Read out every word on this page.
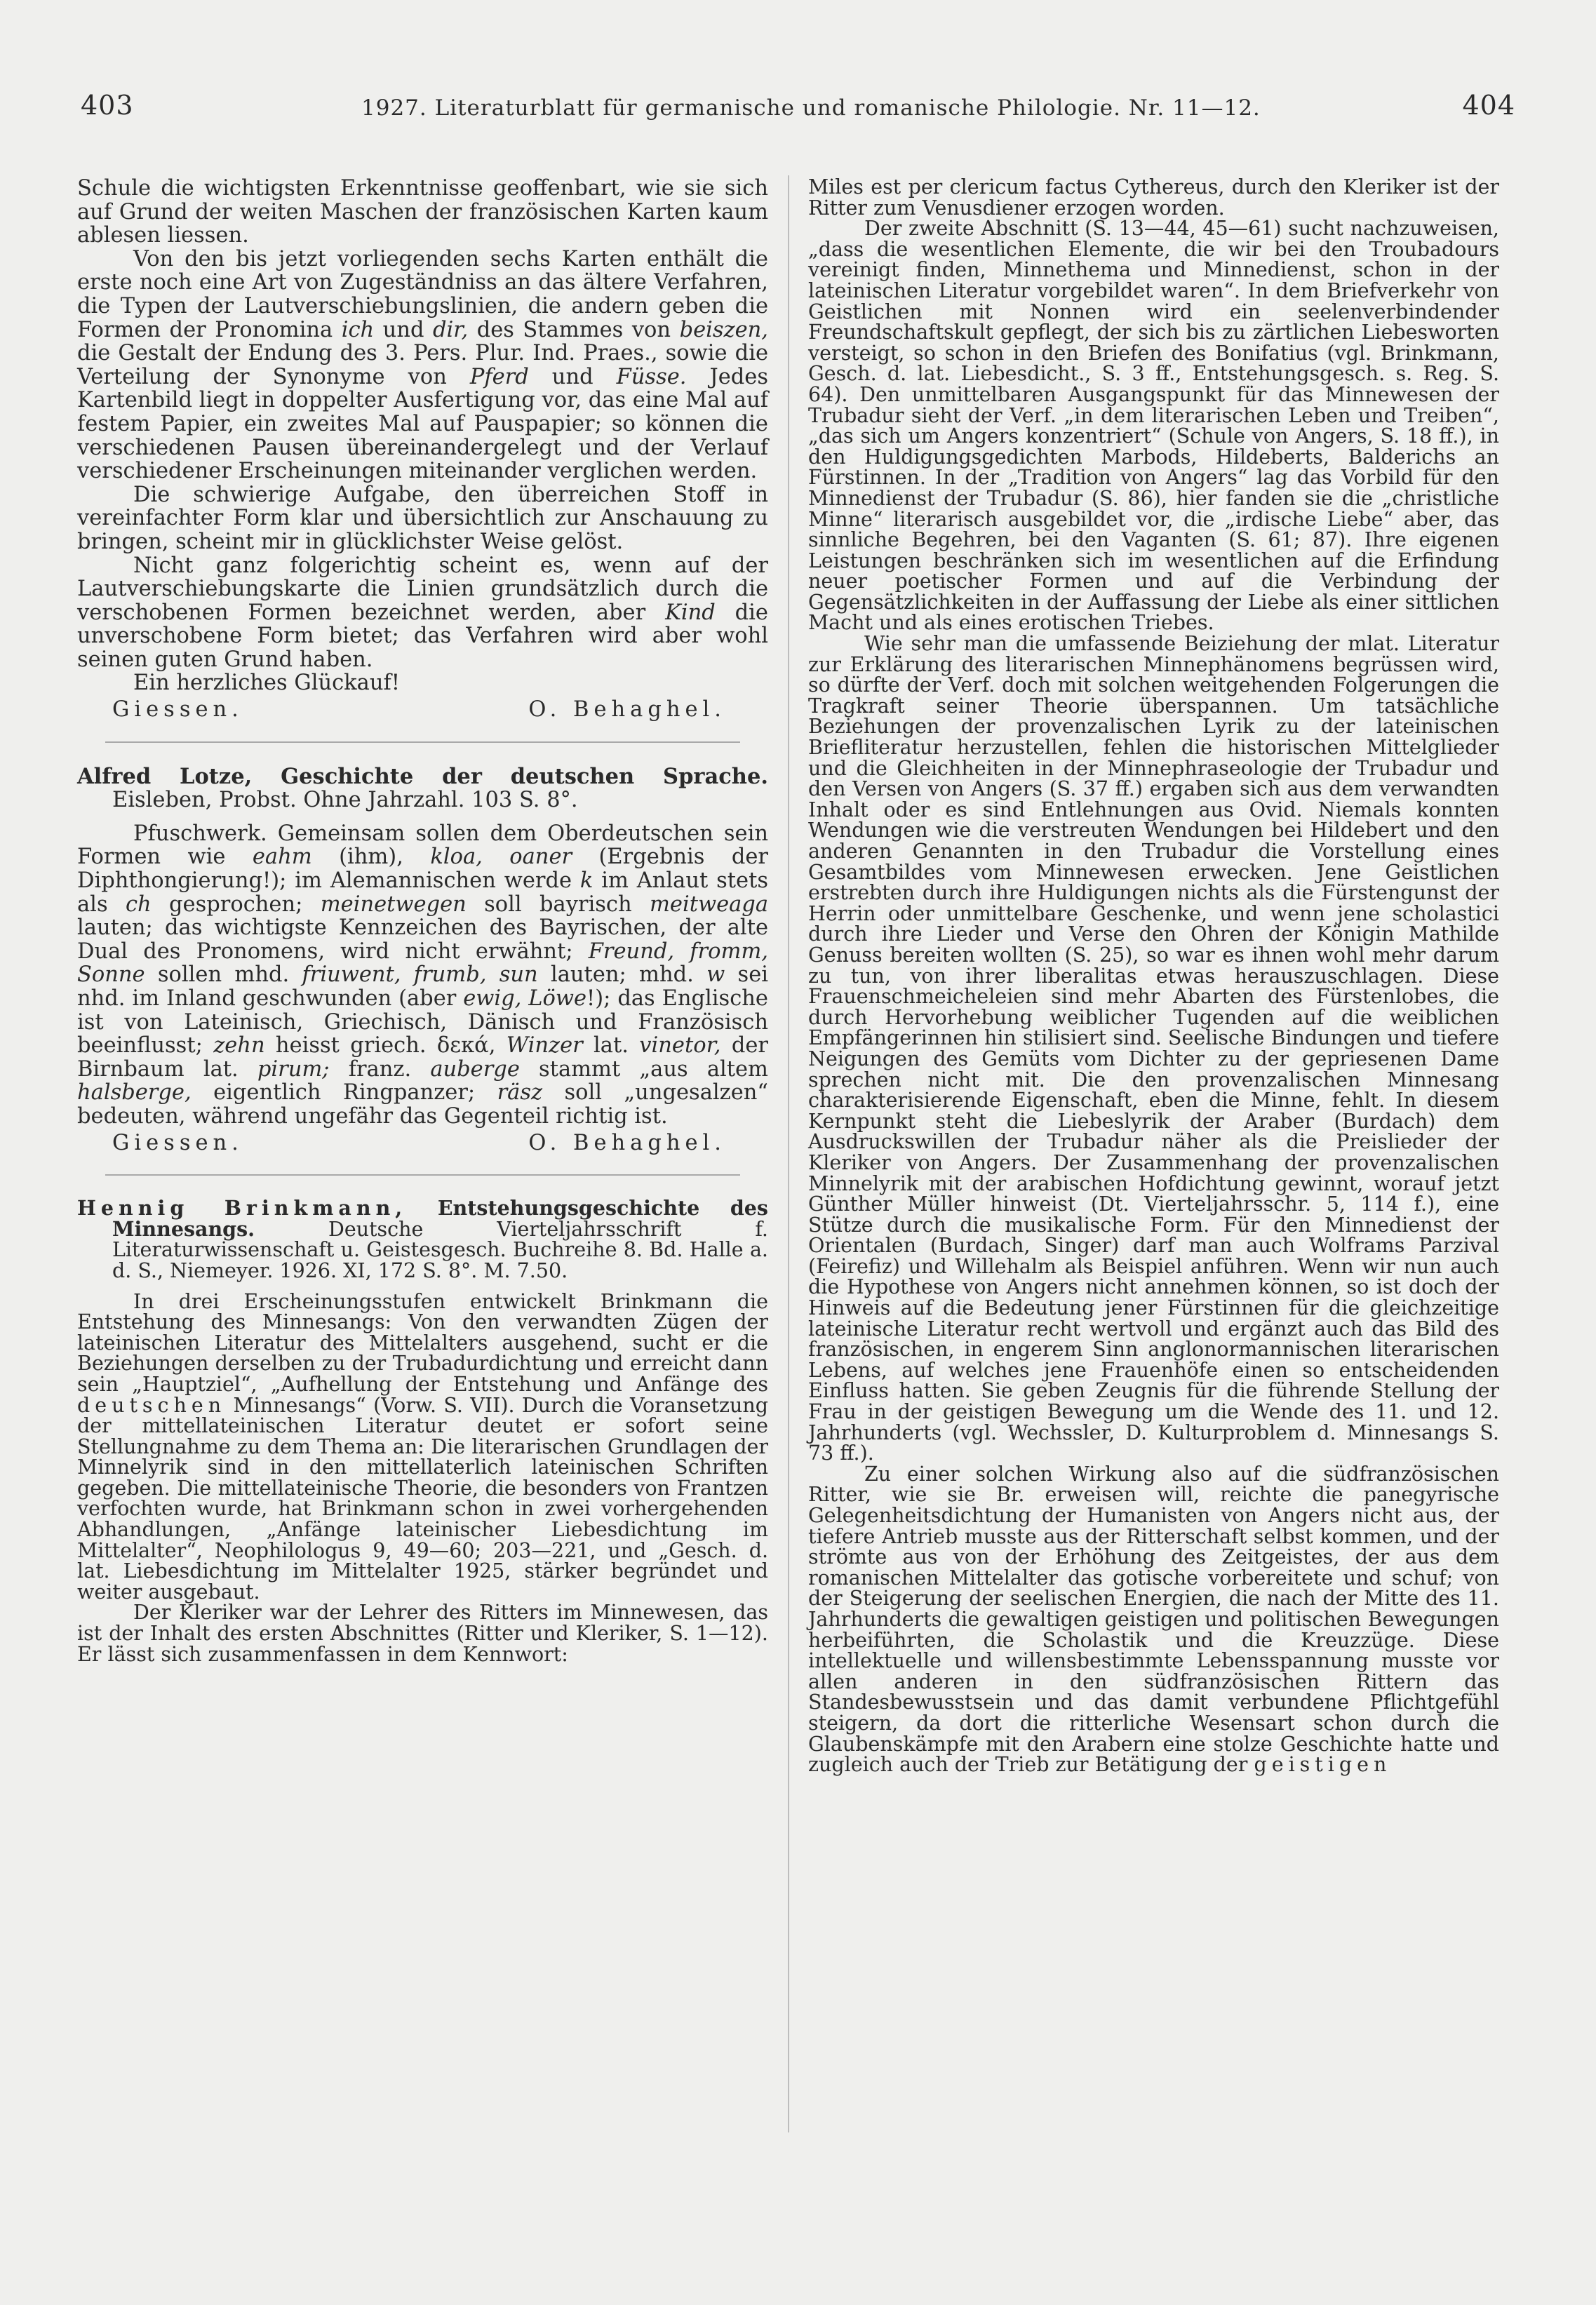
403	1927. Literaturblatt für germanische und romanische Philologie. Nr. 11—12.	404

Schule die wichtigsten Erkenntnisse geoffenbart, wie sie sich auf Grund der weiten Maschen der französischen Karten kaum ablesen liessen.

Von den bis jetzt vorliegenden sechs Karten enthält die erste noch eine Art von Zugeständniss an das ältere Verfahren, die Typen der Lautverschiebungslinien, die andern geben die Formen der Pronomina ich und dir, des Stammes von beiszen, die Gestalt der Endung des 3. Pers. Plur. Ind. Praes., sowie die Verteilung der Synonyme von Pferd und Füsse. Jedes Kartenbild liegt in doppelter Ausfertigung vor, das eine Mal auf festem Papier, ein zweites Mal auf Pauspapier; so können die verschiedenen Pausen übereinandergelegt und der Verlauf verschiedener Erscheinungen miteinander verglichen werden.

Die schwierige Aufgabe, den überreichen Stoff in vereinfachter Form klar und übersichtlich zur Anschauung zu bringen, scheint mir in glücklichster Weise gelöst.

Nicht ganz folgerichtig scheint es, wenn auf der Lautverschiebungskarte die Linien grundsätzlich durch die verschobenen Formen bezeichnet werden, aber Kind die unverschobene Form bietet; das Verfahren wird aber wohl seinen guten Grund haben.

Ein herzliches Glückauf!

Giessen.	O. Behaghel.

Alfred Lotze, Geschichte der deutschen Sprache. Eisleben, Probst. Ohne Jahrzahl. 103 S. 8°.

Pfuschwerk. Gemeinsam sollen dem Oberdeutschen sein Formen wie eahm (ihm), kloa, oaner (Ergebnis der Diphthongierung!); im Alemannischen werde k im Anlaut stets als ch gesprochen; meinetwegen soll bayrisch meitweaga lauten; das wichtigste Kennzeichen des Bayrischen, der alte Dual des Pronomens, wird nicht erwähnt; Freund, fromm, Sonne sollen mhd. friuwent, frumb, sun lauten; mhd. w sei nhd. im Inland geschwunden (aber ewig, Löwe!); das Englische ist von Lateinisch, Griechisch, Dänisch und Französisch beeinflusst; zehn heisst griech. δεκά, Winzer lat. vinetor, der Birnbaum lat. pirum; franz. auberge stammt „aus altem halsberge, eigentlich Ringpanzer; räsz soll „ungesalzen“ bedeuten, während ungefähr das Gegenteil richtig ist.

Giessen.	O. Behaghel.

Hennig Brinkmann, Entstehungsgeschichte des Minnesangs. Deutsche Vierteljahrsschrift f. Literaturwissenschaft u. Geistesgesch. Buchreihe 8. Bd. Halle a. d. S., Niemeyer. 1926. XI, 172 S. 8°. M. 7.50.

In drei Erscheinungsstufen entwickelt Brinkmann die Entstehung des Minnesangs: Von den verwandten Zügen der lateinischen Literatur des Mittelalters ausgehend, sucht er die Beziehungen derselben zu der Trubadurdichtung und erreicht dann sein „Hauptziel“, „Aufhellung der Entstehung und Anfänge des deutschen Minnesangs“ (Vorw. S. VII). Durch die Voransetzung der mittellateinischen Literatur deutet er sofort seine Stellungnahme zu dem Thema an: Die literarischen Grundlagen der Minnelyrik sind in den mittellaterlich lateinischen Schriften gegeben. Die mittellateinische Theorie, die besonders von Frantzen verfochten wurde, hat Brinkmann schon in zwei vorhergehenden Abhandlungen, „Anfänge lateinischer Liebesdichtung im Mittelalter“, Neophilologus 9, 49—60; 203—221, und „Gesch. d. lat. Liebesdichtung im Mittelalter 1925, stärker begründet und weiter ausgebaut.

Der Kleriker war der Lehrer des Ritters im Minnewesen, das ist der Inhalt des ersten Abschnittes (Ritter und Kleriker, S. 1—12). Er lässt sich zusammenfassen in dem Kennwort:

Miles est per clericum factus Cythereus, durch den Kleriker ist der Ritter zum Venusdiener erzogen worden.

Der zweite Abschnitt (S. 13—44, 45—61) sucht nachzuweisen, „dass die wesentlichen Elemente, die wir bei den Troubadours vereinigt finden, Minnethema und Minnedienst, schon in der lateinischen Literatur vorgebildet waren“. In dem Briefverkehr von Geistlichen mit Nonnen wird ein seelenverbindender Freundschaftskult gepflegt, der sich bis zu zärtlichen Liebesworten versteigt, so schon in den Briefen des Bonifatius (vgl. Brinkmann, Gesch. d. lat. Liebesdicht., S. 3 ff., Entstehungsgesch. s. Reg. S. 64). Den unmittelbaren Ausgangspunkt für das Minnewesen der Trubadur sieht der Verf. „in dem literarischen Leben und Treiben“, „das sich um Angers konzentriert“ (Schule von Angers, S. 18 ff.), in den Huldigungsgedichten Marbods, Hildeberts, Balderichs an Fürstinnen. In der „Tradition von Angers“ lag das Vorbild für den Minnedienst der Trubadur (S. 86), hier fanden sie die „christliche Minne“ literarisch ausgebildet vor, die „irdische Liebe“ aber, das sinnliche Begehren, bei den Vaganten (S. 61; 87). Ihre eigenen Leistungen beschränken sich im wesentlichen auf die Erfindung neuer poetischer Formen und auf die Verbindung der Gegensätzlichkeiten in der Auffassung der Liebe als einer sittlichen Macht und als eines erotischen Triebes.

Wie sehr man die umfassende Beiziehung der mlat. Literatur zur Erklärung des literarischen Minnephänomens begrüssen wird, so dürfte der Verf. doch mit solchen weitgehenden Folgerungen die Tragkraft seiner Theorie überspannen. Um tatsächliche Beziehungen der provenzalischen Lyrik zu der lateinischen Briefliteratur herzustellen, fehlen die historischen Mittelglieder und die Gleichheiten in der Minnephraseologie der Trubadur und den Versen von Angers (S. 37 ff.) ergaben sich aus dem verwandten Inhalt oder es sind Entlehnungen aus Ovid. Niemals konnten Wendungen wie die verstreuten Wendungen bei Hildebert und den anderen Genannten in den Trubadur die Vorstellung eines Gesamtbildes vom Minnewesen erwecken. Jene Geistlichen erstrebten durch ihre Huldigungen nichts als die Fürstengunst der Herrin oder unmittelbare Geschenke, und wenn jene scholastici durch ihre Lieder und Verse den Ohren der Königin Mathilde Genuss bereiten wollten (S. 25), so war es ihnen wohl mehr darum zu tun, von ihrer liberalitas etwas herauszuschlagen. Diese Frauenschmeicheleien sind mehr Abarten des Fürstenlobes, die durch Hervorhebung weiblicher Tugenden auf die weiblichen Empfängerinnen hin stilisiert sind. Seelische Bindungen und tiefere Neigungen des Gemüts vom Dichter zu der gepriesenen Dame sprechen nicht mit. Die den provenzalischen Minnesang charakterisierende Eigenschaft, eben die Minne, fehlt. In diesem Kernpunkt steht die Liebeslyrik der Araber (Burdach) dem Ausdruckswillen der Trubadur näher als die Preislieder der Kleriker von Angers. Der Zusammenhang der provenzalischen Minnelyrik mit der arabischen Hofdichtung gewinnt, worauf jetzt Günther Müller hinweist (Dt. Vierteljahrsschr. 5, 114 f.), eine Stütze durch die musikalische Form. Für den Minnedienst der Orientalen (Burdach, Singer) darf man auch Wolframs Parzival (Feirefiz) und Willehalm als Beispiel anführen. Wenn wir nun auch die Hypothese von Angers nicht annehmen können, so ist doch der Hinweis auf die Bedeutung jener Fürstinnen für die gleichzeitige lateinische Literatur recht wertvoll und ergänzt auch das Bild des französischen, in engerem Sinn anglonormannischen literarischen Lebens, auf welches jene Frauenhöfe einen so entscheidenden Einfluss hatten. Sie geben Zeugnis für die führende Stellung der Frau in der geistigen Bewegung um die Wende des 11. und 12. Jahrhunderts (vgl. Wechssler, D. Kulturproblem d. Minnesangs S. 73 ff.).

Zu einer solchen Wirkung also auf die südfranzösischen Ritter, wie sie Br. erweisen will, reichte die panegyrische Gelegenheitsdichtung der Humanisten von Angers nicht aus, der tiefere Antrieb musste aus der Ritterschaft selbst kommen, und der strömte aus von der Erhöhung des Zeitgeistes, der aus dem romanischen Mittelalter das gotische vorbereitete und schuf; von der Steigerung der seelischen Energien, die nach der Mitte des 11. Jahrhunderts die gewaltigen geistigen und politischen Bewegungen herbeiführten, die Scholastik und die Kreuzzüge. Diese intellektuelle und willensbestimmte Lebensspannung musste vor allen anderen in den südfranzösischen Rittern das Standesbewusstsein und das damit verbundene Pflichtgefühl steigern, da dort die ritterliche Wesensart schon durch die Glaubenskämpfe mit den Arabern eine stolze Geschichte hatte und zugleich auch der Trieb zur Betätigung der geistigen
